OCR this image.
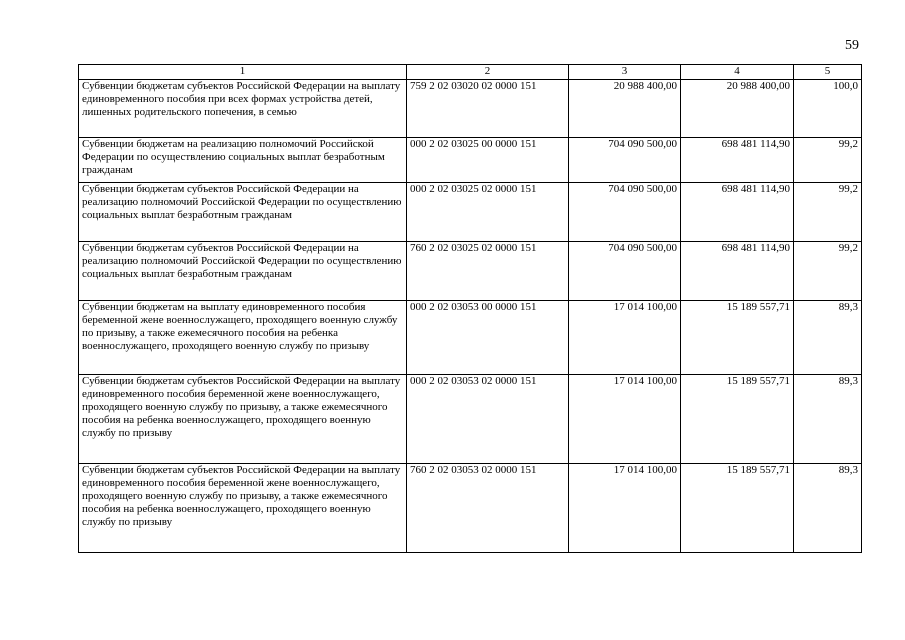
59
1	2	3	4	5
Субвенции бюджетам субъектов Российской Федерации на выплату единовременного пособия при всех формах устройства детей, лишенных родительского попечения, в семью	759 2 02 03020 02 0000 151	20 988 400,00	20 988 400,00	100,0
Субвенции бюджетам на реализацию полномочий Российской Федерации по осуществлению социальных выплат безработным гражданам	000 2 02 03025 00 0000 151	704 090 500,00	698 481 114,90	99,2
Субвенции бюджетам субъектов Российской Федерации на реализацию полномочий Российской Федерации по осуществлению социальных выплат безработным гражданам	000 2 02 03025 02 0000 151	704 090 500,00	698 481 114,90	99,2
Субвенции бюджетам субъектов Российской Федерации на реализацию полномочий Российской Федерации по осуществлению социальных выплат безработным гражданам	760 2 02 03025 02 0000 151	704 090 500,00	698 481 114,90	99,2
Субвенции бюджетам на выплату единовременного пособия беременной жене военнослужащего, проходящего военную службу по призыву, а также ежемесячного пособия на ребенка военнослужащего, проходящего военную службу по призыву	000 2 02 03053 00 0000 151	17 014 100,00	15 189 557,71	89,3
Субвенции бюджетам субъектов Российской Федерации на выплату единовременного пособия беременной жене военнослужащего, проходящего военную службу по призыву, а также ежемесячного пособия на ребенка военнослужащего, проходящего военную службу по призыву	000 2 02 03053 02 0000 151	17 014 100,00	15 189 557,71	89,3
Субвенции бюджетам субъектов Российской Федерации на выплату единовременного пособия беременной жене военнослужащего, проходящего военную службу по призыву, а также ежемесячного пособия на ребенка военнослужащего, проходящего военную службу по призыву	760 2 02 03053 02 0000 151	17 014 100,00	15 189 557,71	89,3
